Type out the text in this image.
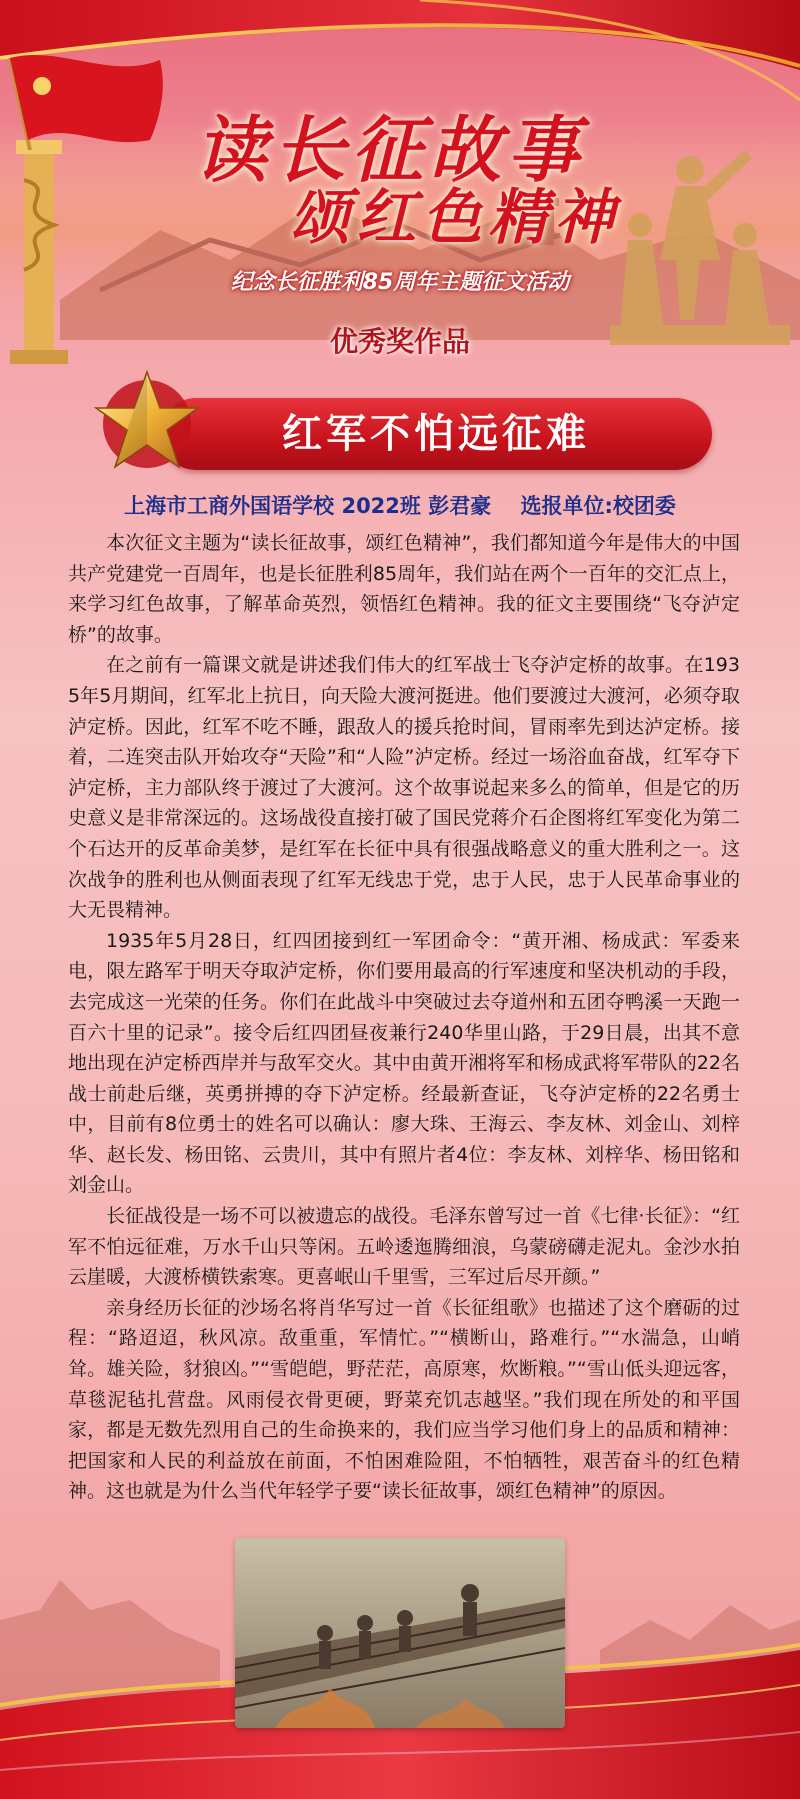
读长征故事
颂红色精神
纪念长征胜利85周年主题征文活动
优秀奖作品
红军不怕远征难
上海市工商外国语学校 2022班 彭君豪    选报单位:校团委

本次征文主题为“读长征故事，颂红色精神”，我们都知道今年是伟大的中国共产党建党一百周年，也是长征胜利85周年，我们站在两个一百年的交汇点上，来学习红色故事，了解革命英烈，领悟红色精神。我的征文主要围绕“飞夺泸定桥”的故事。

在之前有一篇课文就是讲述我们伟大的红军战士飞夺泸定桥的故事。在1935年5月期间，红军北上抗日，向天险大渡河挺进。他们要渡过大渡河，必须夺取泸定桥。因此，红军不吃不睡，跟敌人的援兵抢时间，冒雨率先到达泸定桥。接着，二连突击队开始攻夺“天险”和“人险”泸定桥。经过一场浴血奋战，红军夺下泸定桥，主力部队终于渡过了大渡河。这个故事说起来多么的简单，但是它的历史意义是非常深远的。这场战役直接打破了国民党蒋介石企图将红军变化为第二个石达开的反革命美梦，是红军在长征中具有很强战略意义的重大胜利之一。这次战争的胜利也从侧面表现了红军无线忠于党，忠于人民，忠于人民革命事业的大无畏精神。

1935年5月28日，红四团接到红一军团命令：“黄开湘、杨成武：军委来电，限左路军于明天夺取泸定桥，你们要用最高的行军速度和坚决机动的手段，去完成这一光荣的任务。你们在此战斗中突破过去夺道州和五团夺鸭溪一天跑一百六十里的记录”。接令后红四团昼夜兼行240华里山路，于29日晨，出其不意地出现在泸定桥西岸并与敌军交火。其中由黄开湘将军和杨成武将军带队的22名战士前赴后继，英勇拼搏的夺下泸定桥。经最新查证，飞夺泸定桥的22名勇士中，目前有8位勇士的姓名可以确认：廖大珠、王海云、李友林、刘金山、刘梓华、赵长发、杨田铭、云贵川，其中有照片者4位：李友林、刘梓华、杨田铭和刘金山。

长征战役是一场不可以被遗忘的战役。毛泽东曾写过一首《七律·长征》：“红军不怕远征难，万水千山只等闲。五岭逶迤腾细浪，乌蒙磅礴走泥丸。金沙水拍云崖暖，大渡桥横铁索寒。更喜岷山千里雪，三军过后尽开颜。”

亲身经历长征的沙场名将肖华写过一首《长征组歌》也描述了这个磨砺的过程：“路迢迢，秋风凉。敌重重，军情忙。”“横断山，路难行。”“水湍急，山峭耸。雄关险，豺狼凶。”“雪皑皑，野茫茫，高原寒，炊断粮。”“雪山低头迎远客，草毯泥毡扎营盘。风雨侵衣骨更硬，野菜充饥志越坚。”我们现在所处的和平国家，都是无数先烈用自己的生命换来的，我们应当学习他们身上的品质和精神：把国家和人民的利益放在前面，不怕困难险阻，不怕牺牲，艰苦奋斗的红色精神。这也就是为什么当代年轻学子要“读长征故事，颂红色精神”的原因。
